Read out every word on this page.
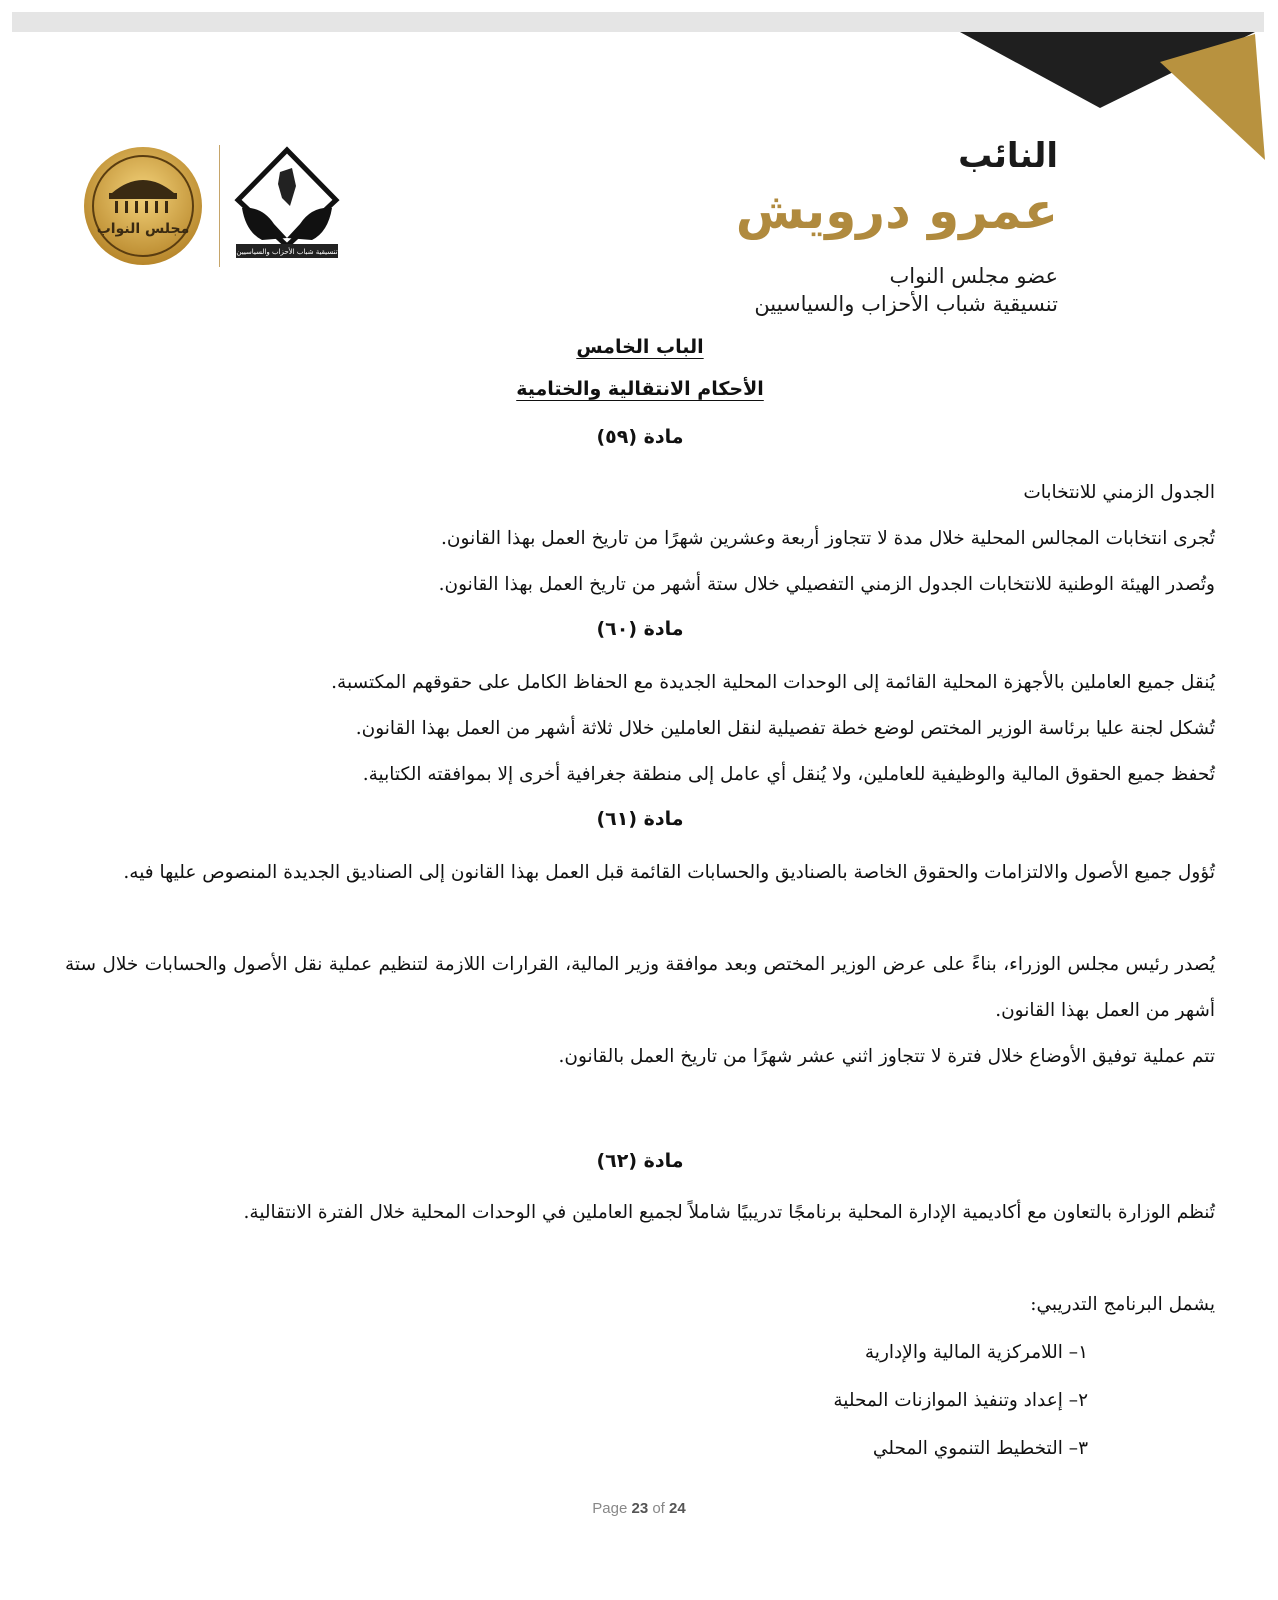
النائب
عمرو درويش
عضو مجلس النواب
تنسيقية شباب الأحزاب والسياسيين
مجلس النواب
تنسيقية شباب الأحزاب والسياسيين
الباب الخامس
الأحكام الانتقالية والختامية
مادة (٥٩)
الجدول الزمني للانتخابات
تُجرى انتخابات المجالس المحلية خلال مدة لا تتجاوز أربعة وعشرين شهرًا من تاريخ العمل بهذا القانون.
وتُصدر الهيئة الوطنية للانتخابات الجدول الزمني التفصيلي خلال ستة أشهر من تاريخ العمل بهذا القانون.
مادة (٦٠)
يُنقل جميع العاملين بالأجهزة المحلية القائمة إلى الوحدات المحلية الجديدة مع الحفاظ الكامل على حقوقهم المكتسبة.
تُشكل لجنة عليا برئاسة الوزير المختص لوضع خطة تفصيلية لنقل العاملين خلال ثلاثة أشهر من العمل بهذا القانون.
تُحفظ جميع الحقوق المالية والوظيفية للعاملين، ولا يُنقل أي عامل إلى منطقة جغرافية أخرى إلا بموافقته الكتابية.
مادة (٦١)
تُؤول جميع الأصول والالتزامات والحقوق الخاصة بالصناديق والحسابات القائمة قبل العمل بهذا القانون إلى الصناديق الجديدة المنصوص عليها فيه.
يُصدر رئيس مجلس الوزراء، بناءً على عرض الوزير المختص وبعد موافقة وزير المالية، القرارات اللازمة لتنظيم عملية نقل الأصول والحسابات خلال ستة أشهر من العمل بهذا القانون.
تتم عملية توفيق الأوضاع خلال فترة لا تتجاوز اثني عشر شهرًا من تاريخ العمل بالقانون.
مادة (٦٢)
تُنظم الوزارة بالتعاون مع أكاديمية الإدارة المحلية برنامجًا تدريبيًا شاملاً لجميع العاملين في الوحدات المحلية خلال الفترة الانتقالية.
يشمل البرنامج التدريبي:
١– اللامركزية المالية والإدارية
٢– إعداد وتنفيذ الموازنات المحلية
٣– التخطيط التنموي المحلي
Page 23 of 24
